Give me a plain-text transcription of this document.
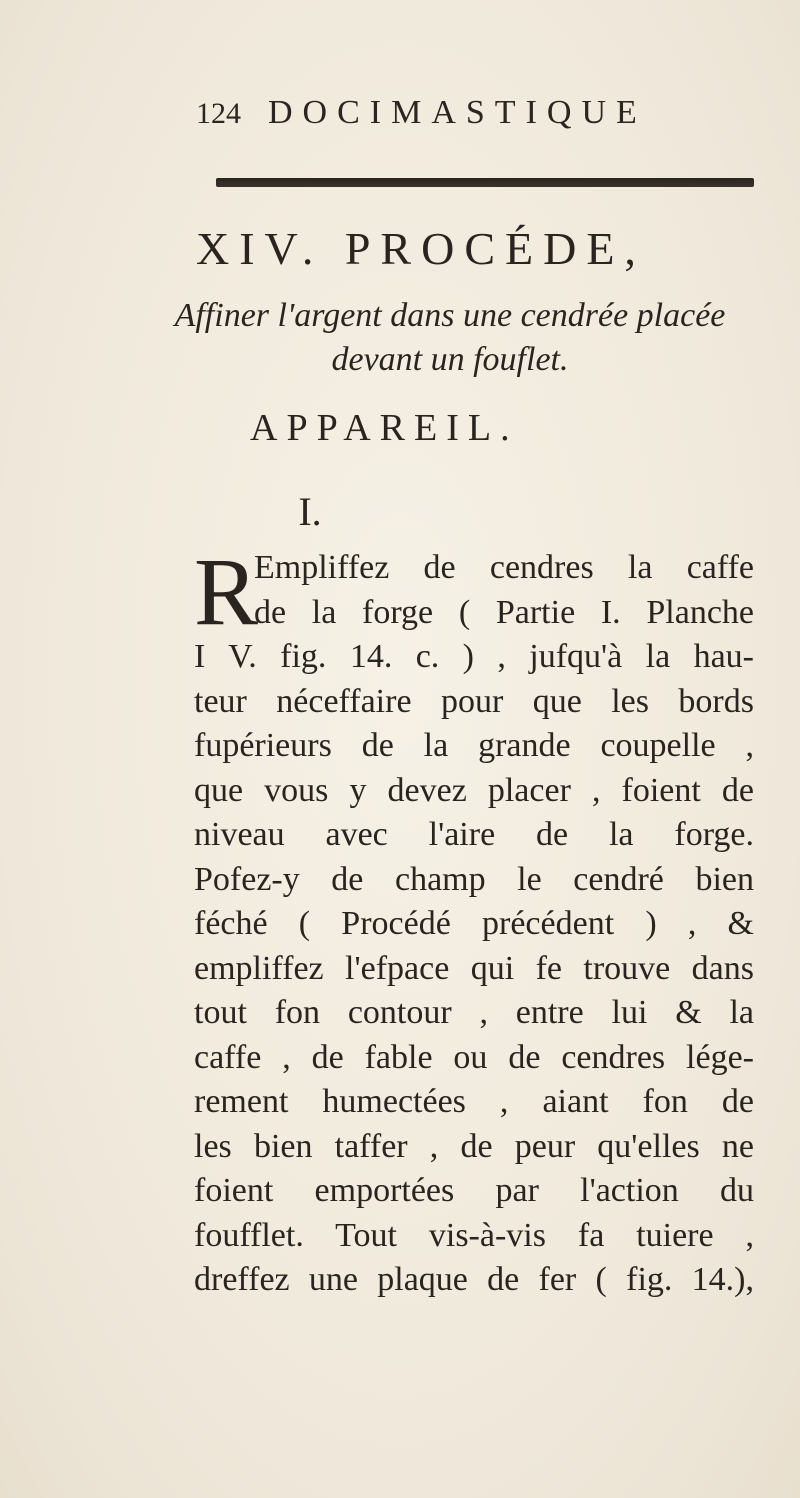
124 DOCIMASTIQUE
XIV. PROCÉDE,
Affiner l'argent dans une cendrée placée
devant un fouflet.
APPAREIL.
I.
R
Empliffez de cendres la caffe
de la forge ( Partie I. Planche
I V. fig. 14. c. ) , jufqu'à la hau-
teur néceffaire pour que les bords
fupérieurs de la grande coupelle ,
que vous y devez placer , foient de
niveau avec l'aire de la forge.
Pofez-y de champ le cendré bien
féché ( Procédé précédent ) , &
empliffez l'efpace qui fe trouve dans
tout fon contour , entre lui & la
caffe , de fable ou de cendres lége-
rement humectées , aiant fon de
les bien taffer , de peur qu'elles ne
foient emportées par l'action du
foufflet. Tout vis-à-vis fa tuiere ,
dreffez une plaque de fer ( fig. 14.),
